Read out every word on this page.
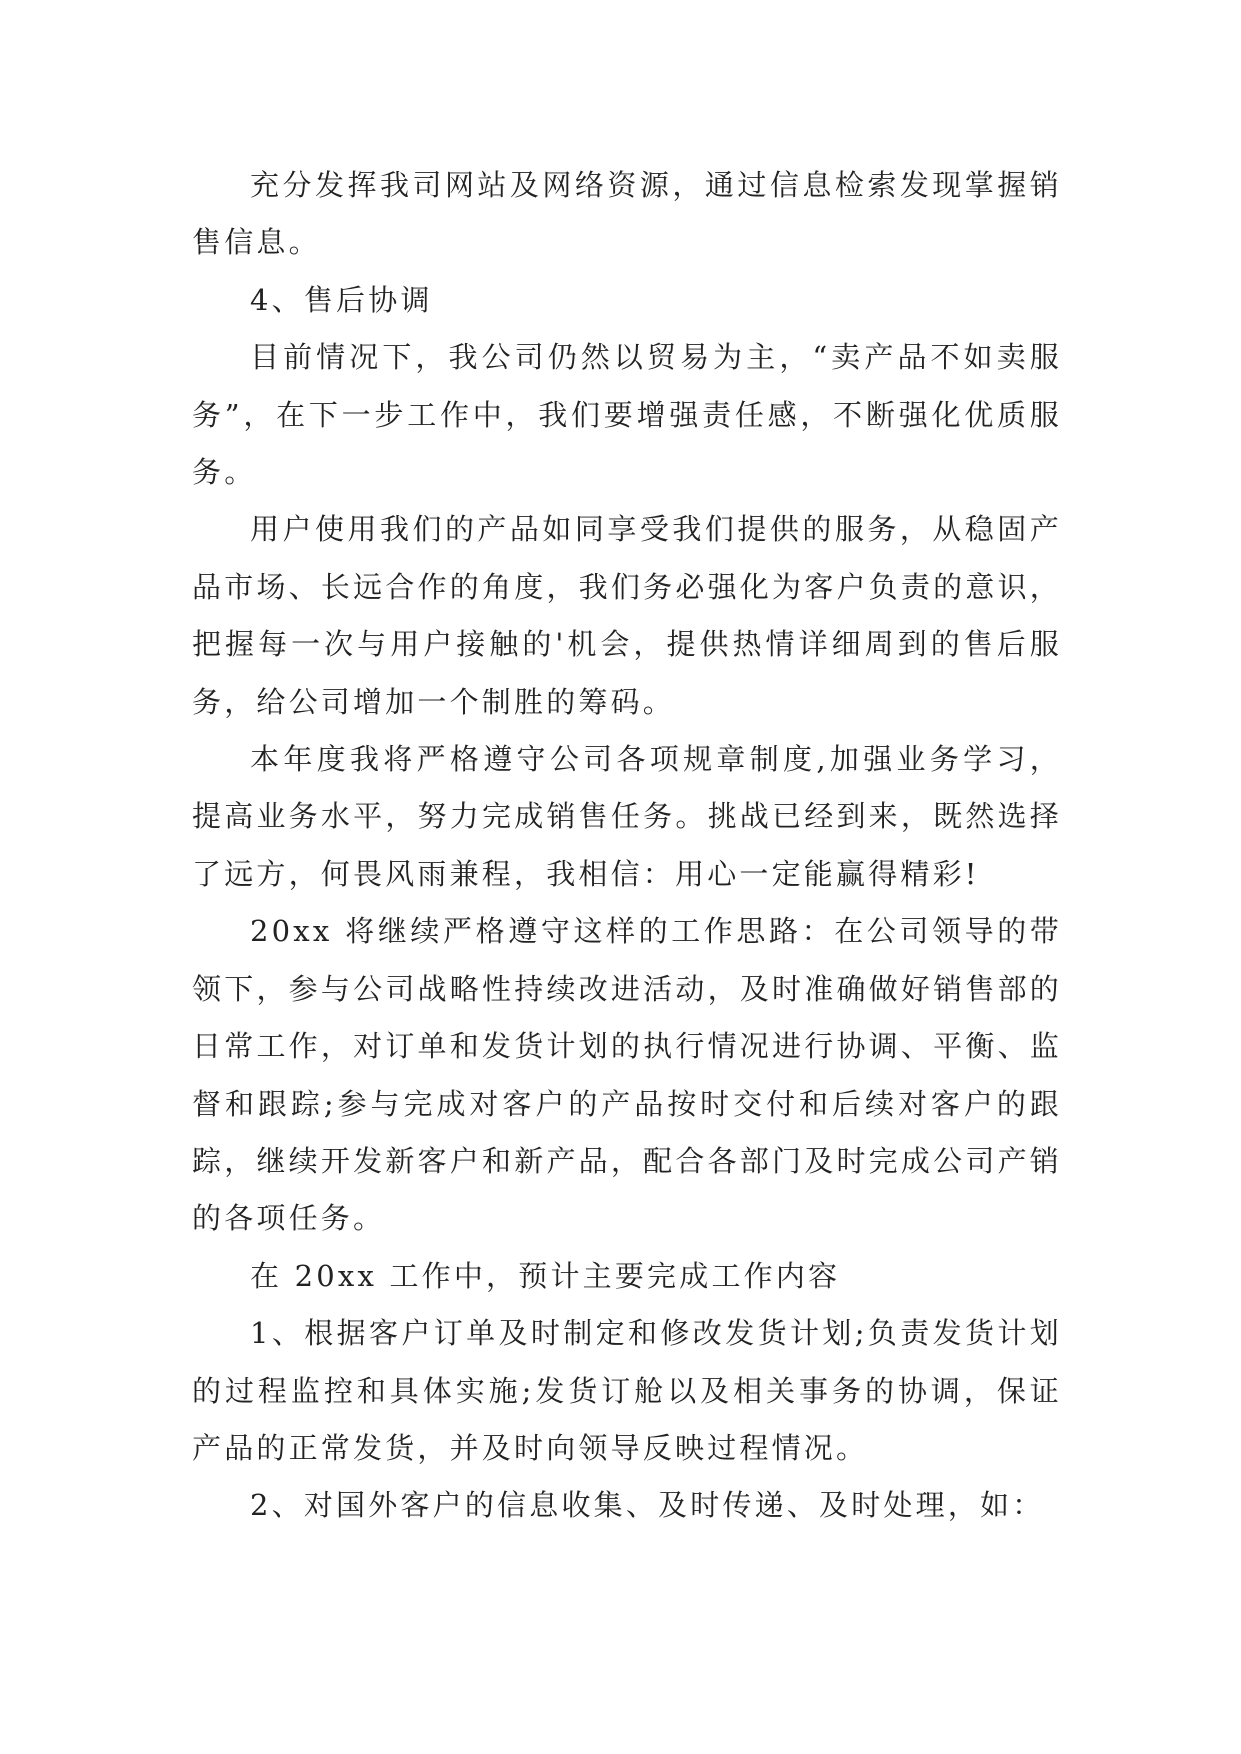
充分发挥我司网站及网络资源，通过信息检索发现掌握销售信息。

4、售后协调

目前情况下，我公司仍然以贸易为主，“卖产品不如卖服务”，在下一步工作中，我们要增强责任感，不断强化优质服务。

用户使用我们的产品如同享受我们提供的服务，从稳固产品市场、长远合作的角度，我们务必强化为客户负责的意识，把握每一次与用户接触的'机会，提供热情详细周到的售后服务，给公司增加一个制胜的筹码。

本年度我将严格遵守公司各项规章制度,加强业务学习，提高业务水平，努力完成销售任务。挑战已经到来，既然选择了远方，何畏风雨兼程，我相信：用心一定能赢得精彩!

20xx 将继续严格遵守这样的工作思路：在公司领导的带领下，参与公司战略性持续改进活动，及时准确做好销售部的日常工作，对订单和发货计划的执行情况进行协调、平衡、监督和跟踪;参与完成对客户的产品按时交付和后续对客户的跟踪，继续开发新客户和新产品，配合各部门及时完成公司产销的各项任务。

在 20xx 工作中，预计主要完成工作内容

1、根据客户订单及时制定和修改发货计划;负责发货计划的过程监控和具体实施;发货订舱以及相关事务的协调，保证产品的正常发货，并及时向领导反映过程情况。

2、对国外客户的信息收集、及时传递、及时处理，如：
